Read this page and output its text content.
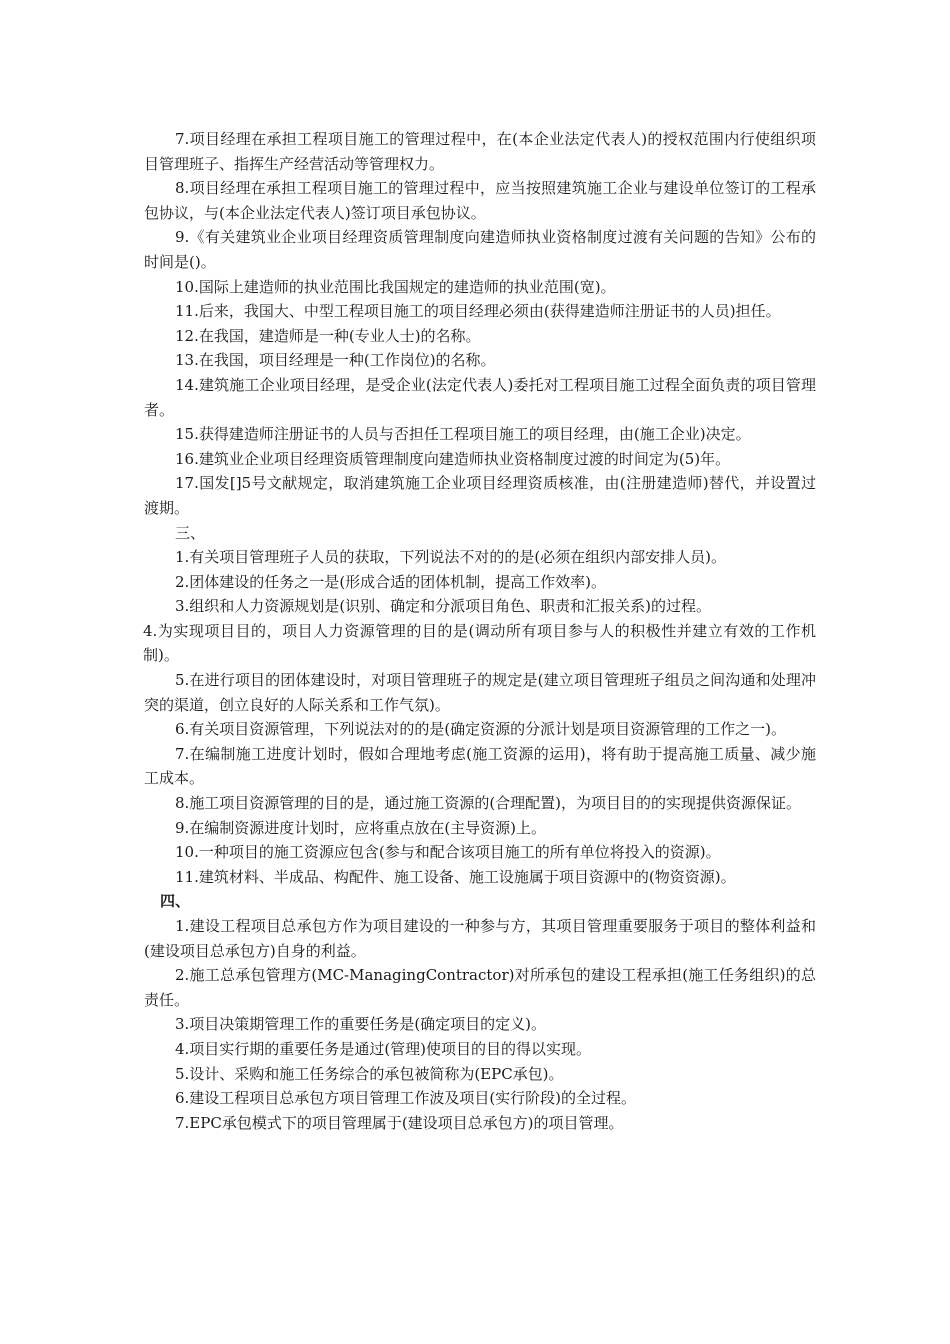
7.项目经理在承担工程项目施工的管理过程中，在(本企业法定代表人)的授权范围内行使组织项目管理班子、指挥生产经营活动等管理权力。

8.项目经理在承担工程项目施工的管理过程中，应当按照建筑施工企业与建设单位签订的工程承包协议，与(本企业法定代表人)签订项目承包协议。

9.《有关建筑业企业项目经理资质管理制度向建造师执业资格制度过渡有关问题的告知》公布的时间是()。

10.国际上建造师的执业范围比我国规定的建造师的执业范围(宽)。

11.后来，我国大、中型工程项目施工的项目经理必须由(获得建造师注册证书的人员)担任。

12.在我国，建造师是一种(专业人士)的名称。

13.在我国，项目经理是一种(工作岗位)的名称。

14.建筑施工企业项目经理，是受企业(法定代表人)委托对工程项目施工过程全面负责的项目管理者。

15.获得建造师注册证书的人员与否担任工程项目施工的项目经理，由(施工企业)决定。

16.建筑业企业项目经理资质管理制度向建造师执业资格制度过渡的时间定为(5)年。

17.国发[]5号文献规定，取消建筑施工企业项目经理资质核准，由(注册建造师)替代，并设置过渡期。

三、

1.有关项目管理班子人员的获取，下列说法不对的的是(必须在组织内部安排人员)。

2.团体建设的任务之一是(形成合适的团体机制，提高工作效率)。

3.组织和人力资源规划是(识别、确定和分派项目角色、职责和汇报关系)的过程。

4.为实现项目目的，项目人力资源管理的目的是(调动所有项目参与人的积极性并建立有效的工作机制)。

5.在进行项目的团体建设时，对项目管理班子的规定是(建立项目管理班子组员之间沟通和处理冲突的渠道，创立良好的人际关系和工作气氛)。

6.有关项目资源管理，下列说法对的的是(确定资源的分派计划是项目资源管理的工作之一)。

7.在编制施工进度计划时，假如合理地考虑(施工资源的运用)，将有助于提高施工质量、减少施工成本。

8.施工项目资源管理的目的是，通过施工资源的(合理配置)，为项目目的的实现提供资源保证。

9.在编制资源进度计划时，应将重点放在(主导资源)上。

10.一种项目的施工资源应包含(参与和配合该项目施工的所有单位将投入的资源)。

11.建筑材料、半成品、构配件、施工设备、施工设施属于项目资源中的(物资资源)。

四、

1.建设工程项目总承包方作为项目建设的一种参与方，其项目管理重要服务于项目的整体利益和(建设项目总承包方)自身的利益。

2.施工总承包管理方(MC-ManagingContractor)对所承包的建设工程承担(施工任务组织)的总责任。

3.项目决策期管理工作的重要任务是(确定项目的定义)。

4.项目实行期的重要任务是通过(管理)使项目的目的得以实现。

5.设计、采购和施工任务综合的承包被简称为(EPC承包)。

6.建设工程项目总承包方项目管理工作波及项目(实行阶段)的全过程。

7.EPC承包模式下的项目管理属于(建设项目总承包方)的项目管理。
